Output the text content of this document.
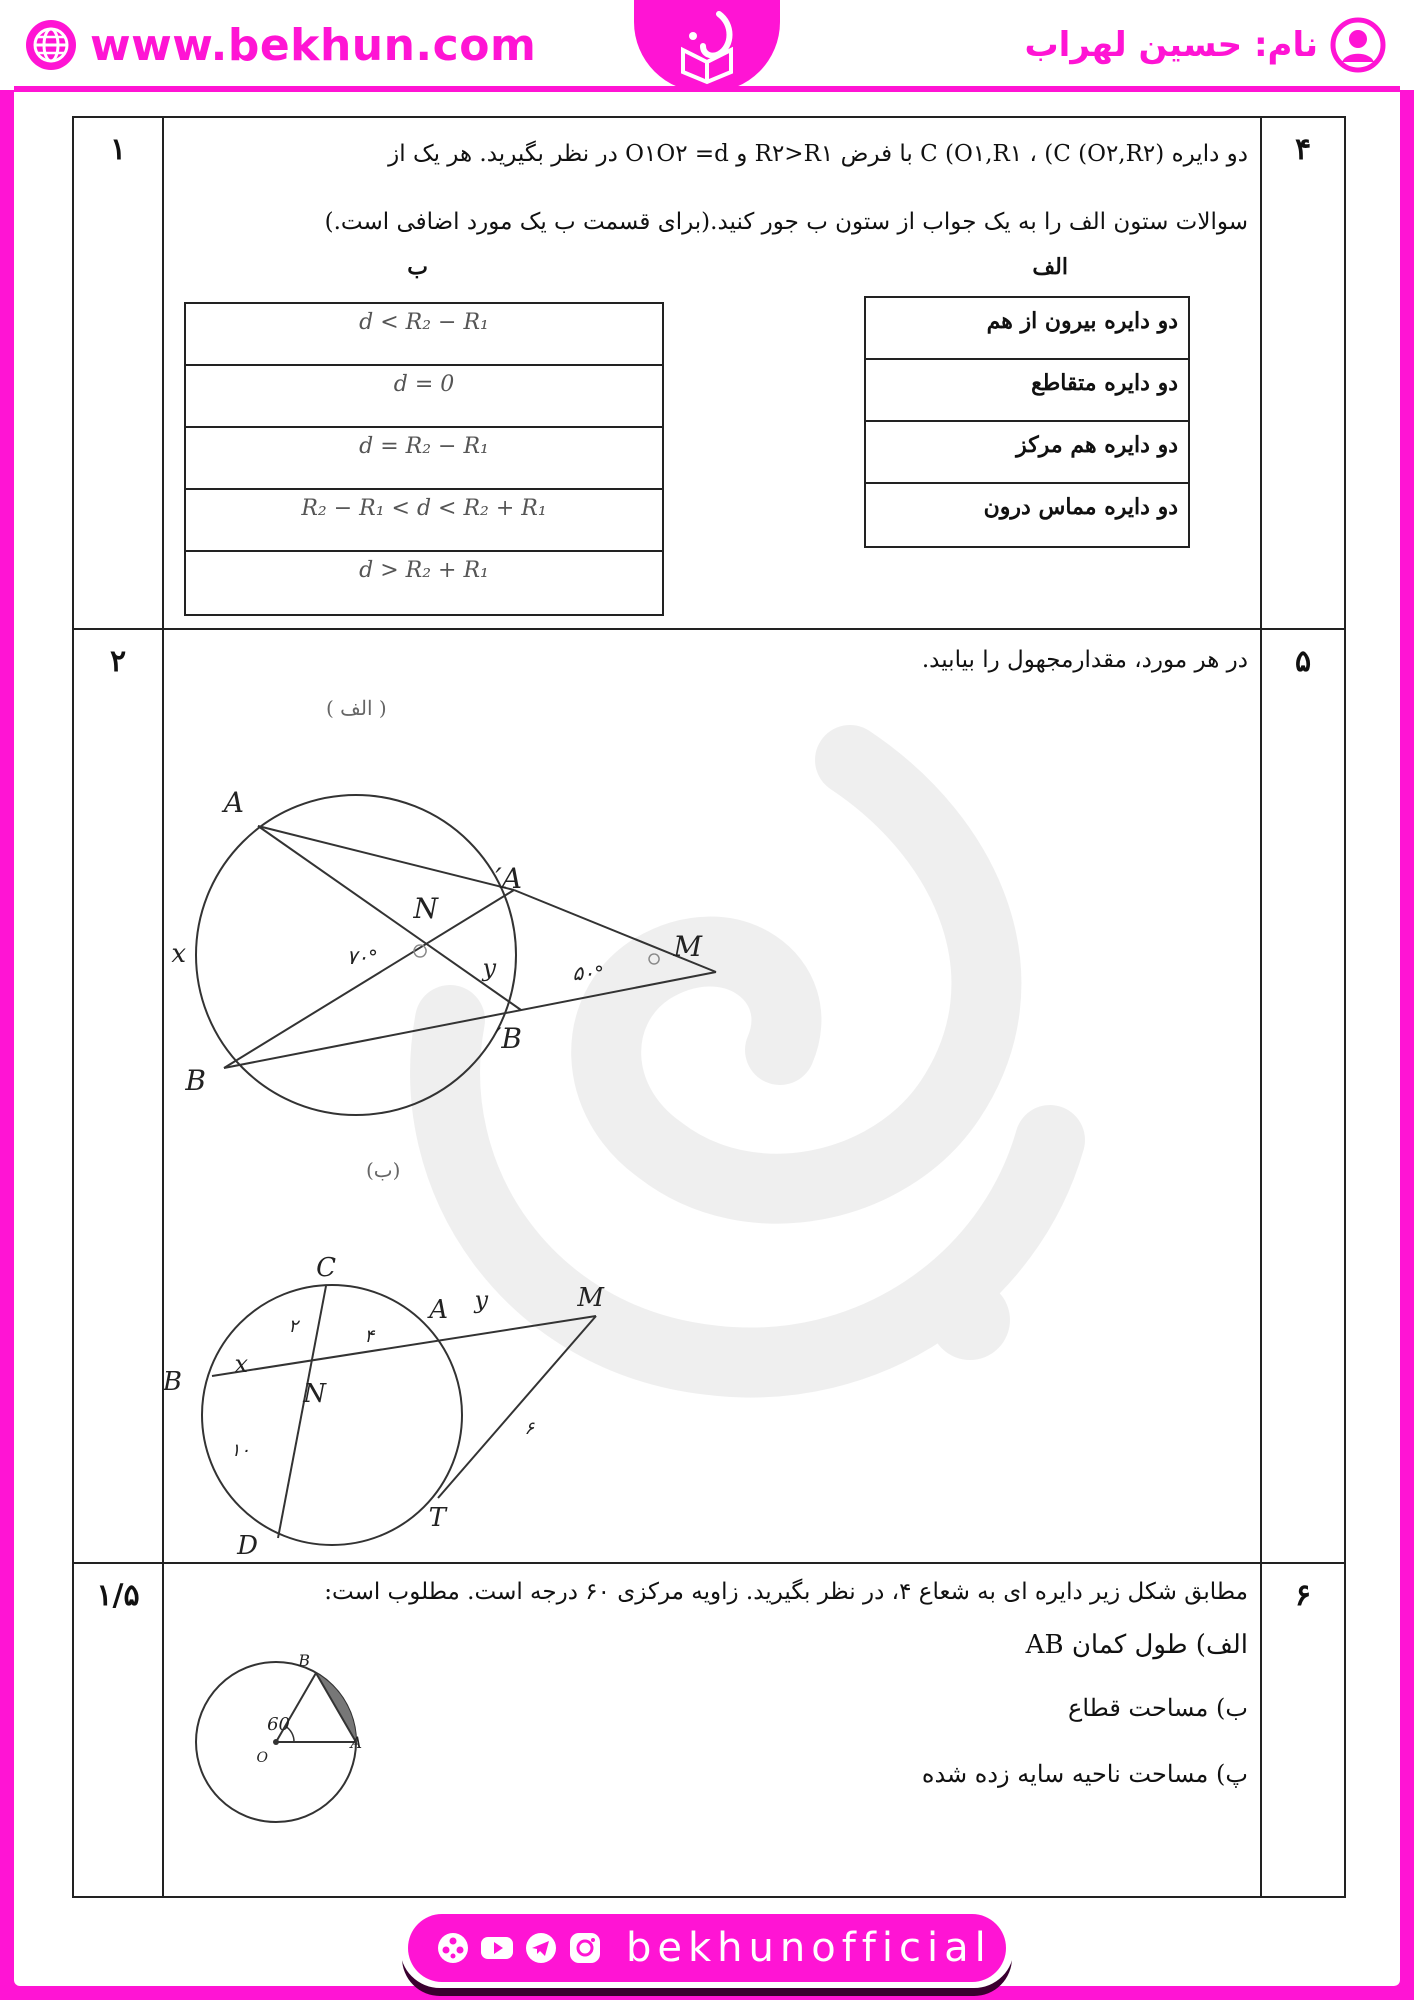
www.bekhun.com	نام: حسین لهراب
۴
۱	دو دایره (C (O۱,R۱ ، (C (O۲,R۲ با فرض R۲>R۱ و O۱O۲ =d در نظر بگیرید. هر یک از
سوالات ستون الف را به یک جواب از ستون ب جور کنید.(برای قسمت ب یک مورد اضافی است.)
الف
ب
دو دایره بیرون از هم
دو دایره متقاطع
دو دایره هم مرکز
دو دایره مماس درون
d < R₂ − R₁
d = 0
d = R₂ − R₁
R₂ − R₁ < d < R₂ + R₁
d > R₂ + R₁
۵
۲	در هر مورد، مقدارمجهول را بیابید.
( الف )
A
A′
B
B′
N
M
x	y
۷۰°
۵۰°
(ب)
C
A	M
B	N
D
T
x
y
۲	۴
۱۰
۶
۶
۱/۵	مطابق شکل زیر دایره ای به شعاع ۴، در نظر بگیرید. زاویه مرکزی ۶۰ درجه است. مطلوب است:
الف) طول کمان AB
ب) مساحت قطاع
پ) مساحت ناحیه سایه زده شده
B
O
A
60
bekhunofficial
